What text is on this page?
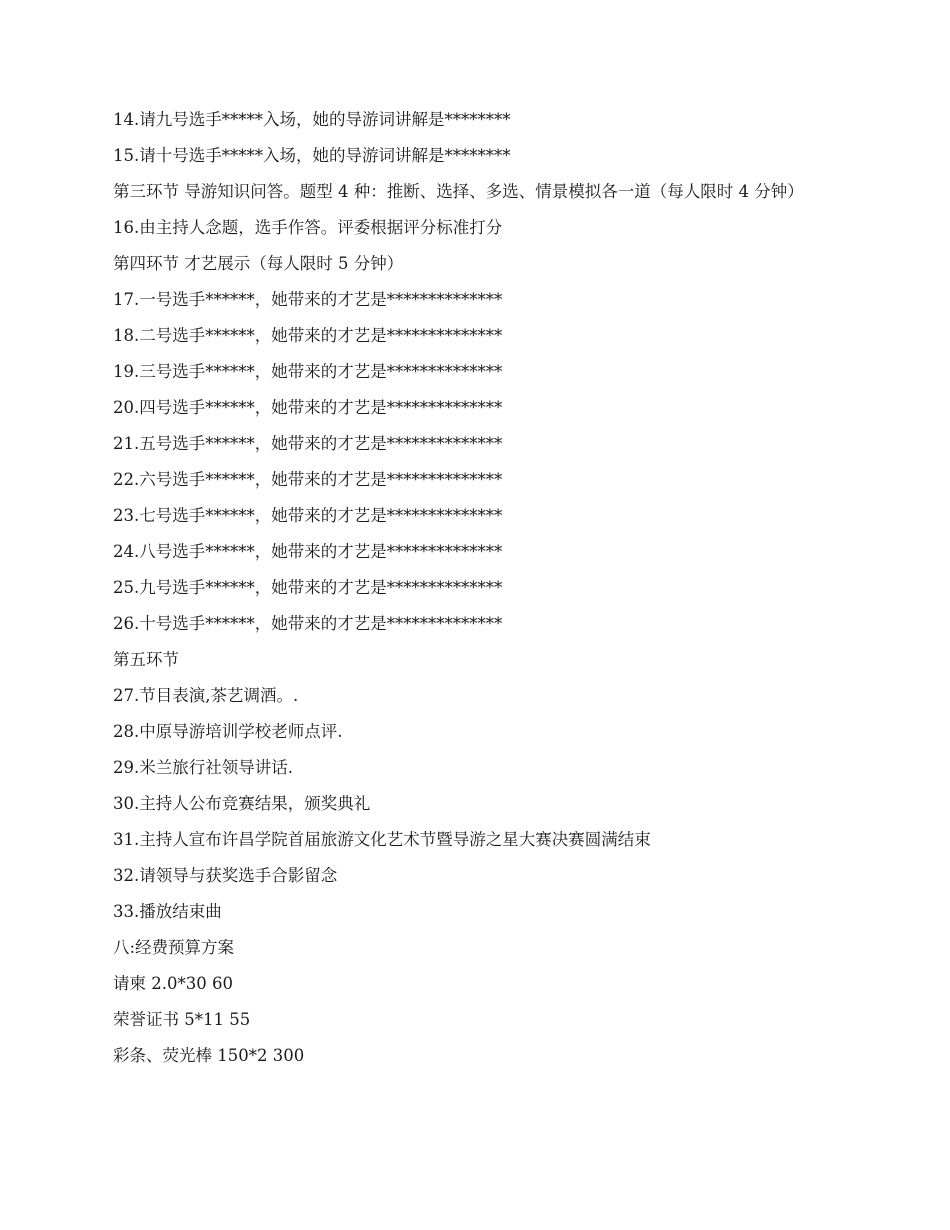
14.请九号选手*****入场，她的导游词讲解是********

15.请十号选手*****入场，她的导游词讲解是********

第三环节 导游知识问答。题型 4 种：推断、选择、多选、情景模拟各一道（每人限时 4 分钟）

16.由主持人念题，选手作答。评委根据评分标准打分

第四环节 才艺展示（每人限时 5 分钟）

17.一号选手******，她带来的才艺是**************

18.二号选手******，她带来的才艺是**************

19.三号选手******，她带来的才艺是**************

20.四号选手******，她带来的才艺是**************

21.五号选手******，她带来的才艺是**************

22.六号选手******，她带来的才艺是**************

23.七号选手******，她带来的才艺是**************

24.八号选手******，她带来的才艺是**************

25.九号选手******，她带来的才艺是**************

26.十号选手******，她带来的才艺是**************

第五环节

27.节目表演,茶艺调酒。.

28.中原导游培训学校老师点评.

29.米兰旅行社领导讲话.

30.主持人公布竞赛结果，颁奖典礼

31.主持人宣布许昌学院首届旅游文化艺术节暨导游之星大赛决赛圆满结束

32.请领导与获奖选手合影留念

33.播放结束曲

八:经费预算方案

请柬 2.0*30 60

荣誉证书 5*11 55

彩条、荧光棒 150*2 300
